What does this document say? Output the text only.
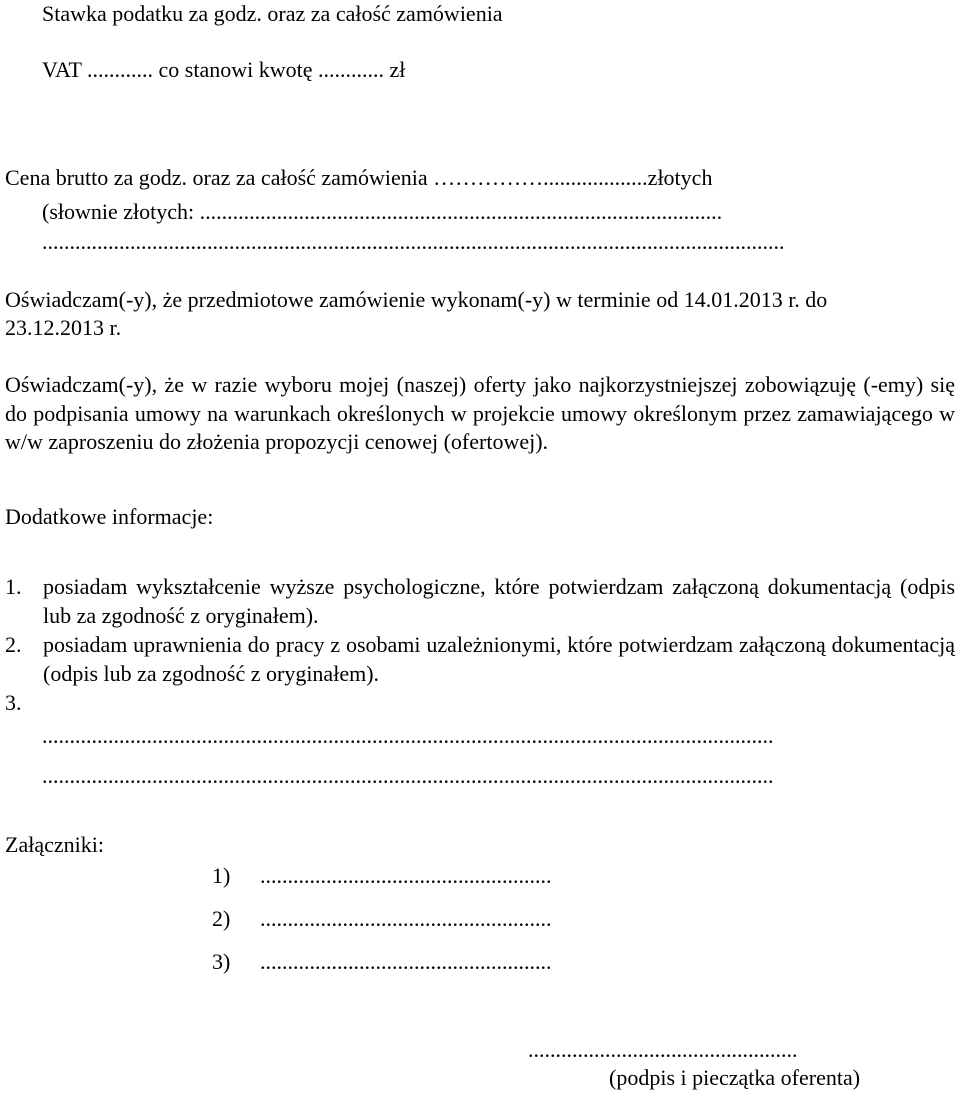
Stawka podatku za godz. oraz za całość zamówienia
VAT ............ co stanowi kwotę ............ zł
Cena brutto za godz. oraz za całość zamówienia ……………...................złotych
(słownie złotych: ...............................................................................................
.......................................................................................................................................
Oświadczam(-y), że przedmiotowe zamówienie wykonam(-y) w terminie od 14.01.2013 r. do
23.12.2013 r.
Oświadczam(-y), że w razie wyboru mojej (naszej) oferty jako najkorzystniejszej zobowiązuję (-emy) się do podpisania umowy na warunkach określonych w projekcie umowy określonym przez zamawiającego w w/w zaproszeniu do złożenia propozycji cenowej (ofertowej).
Dodatkowe informacje:
1. posiadam wykształcenie wyższe psychologiczne, które potwierdzam załączoną dokumentacją (odpis lub za zgodność z oryginałem).
2. posiadam uprawnienia do pracy z osobami uzależnionymi, które potwierdzam załączoną dokumentacją (odpis lub za zgodność z oryginałem).
3.
.....................................................................................................................................
.....................................................................................................................................
Załączniki:
1) .....................................................
2) .....................................................
3) .....................................................
.................................................
(podpis i pieczątka oferenta)
